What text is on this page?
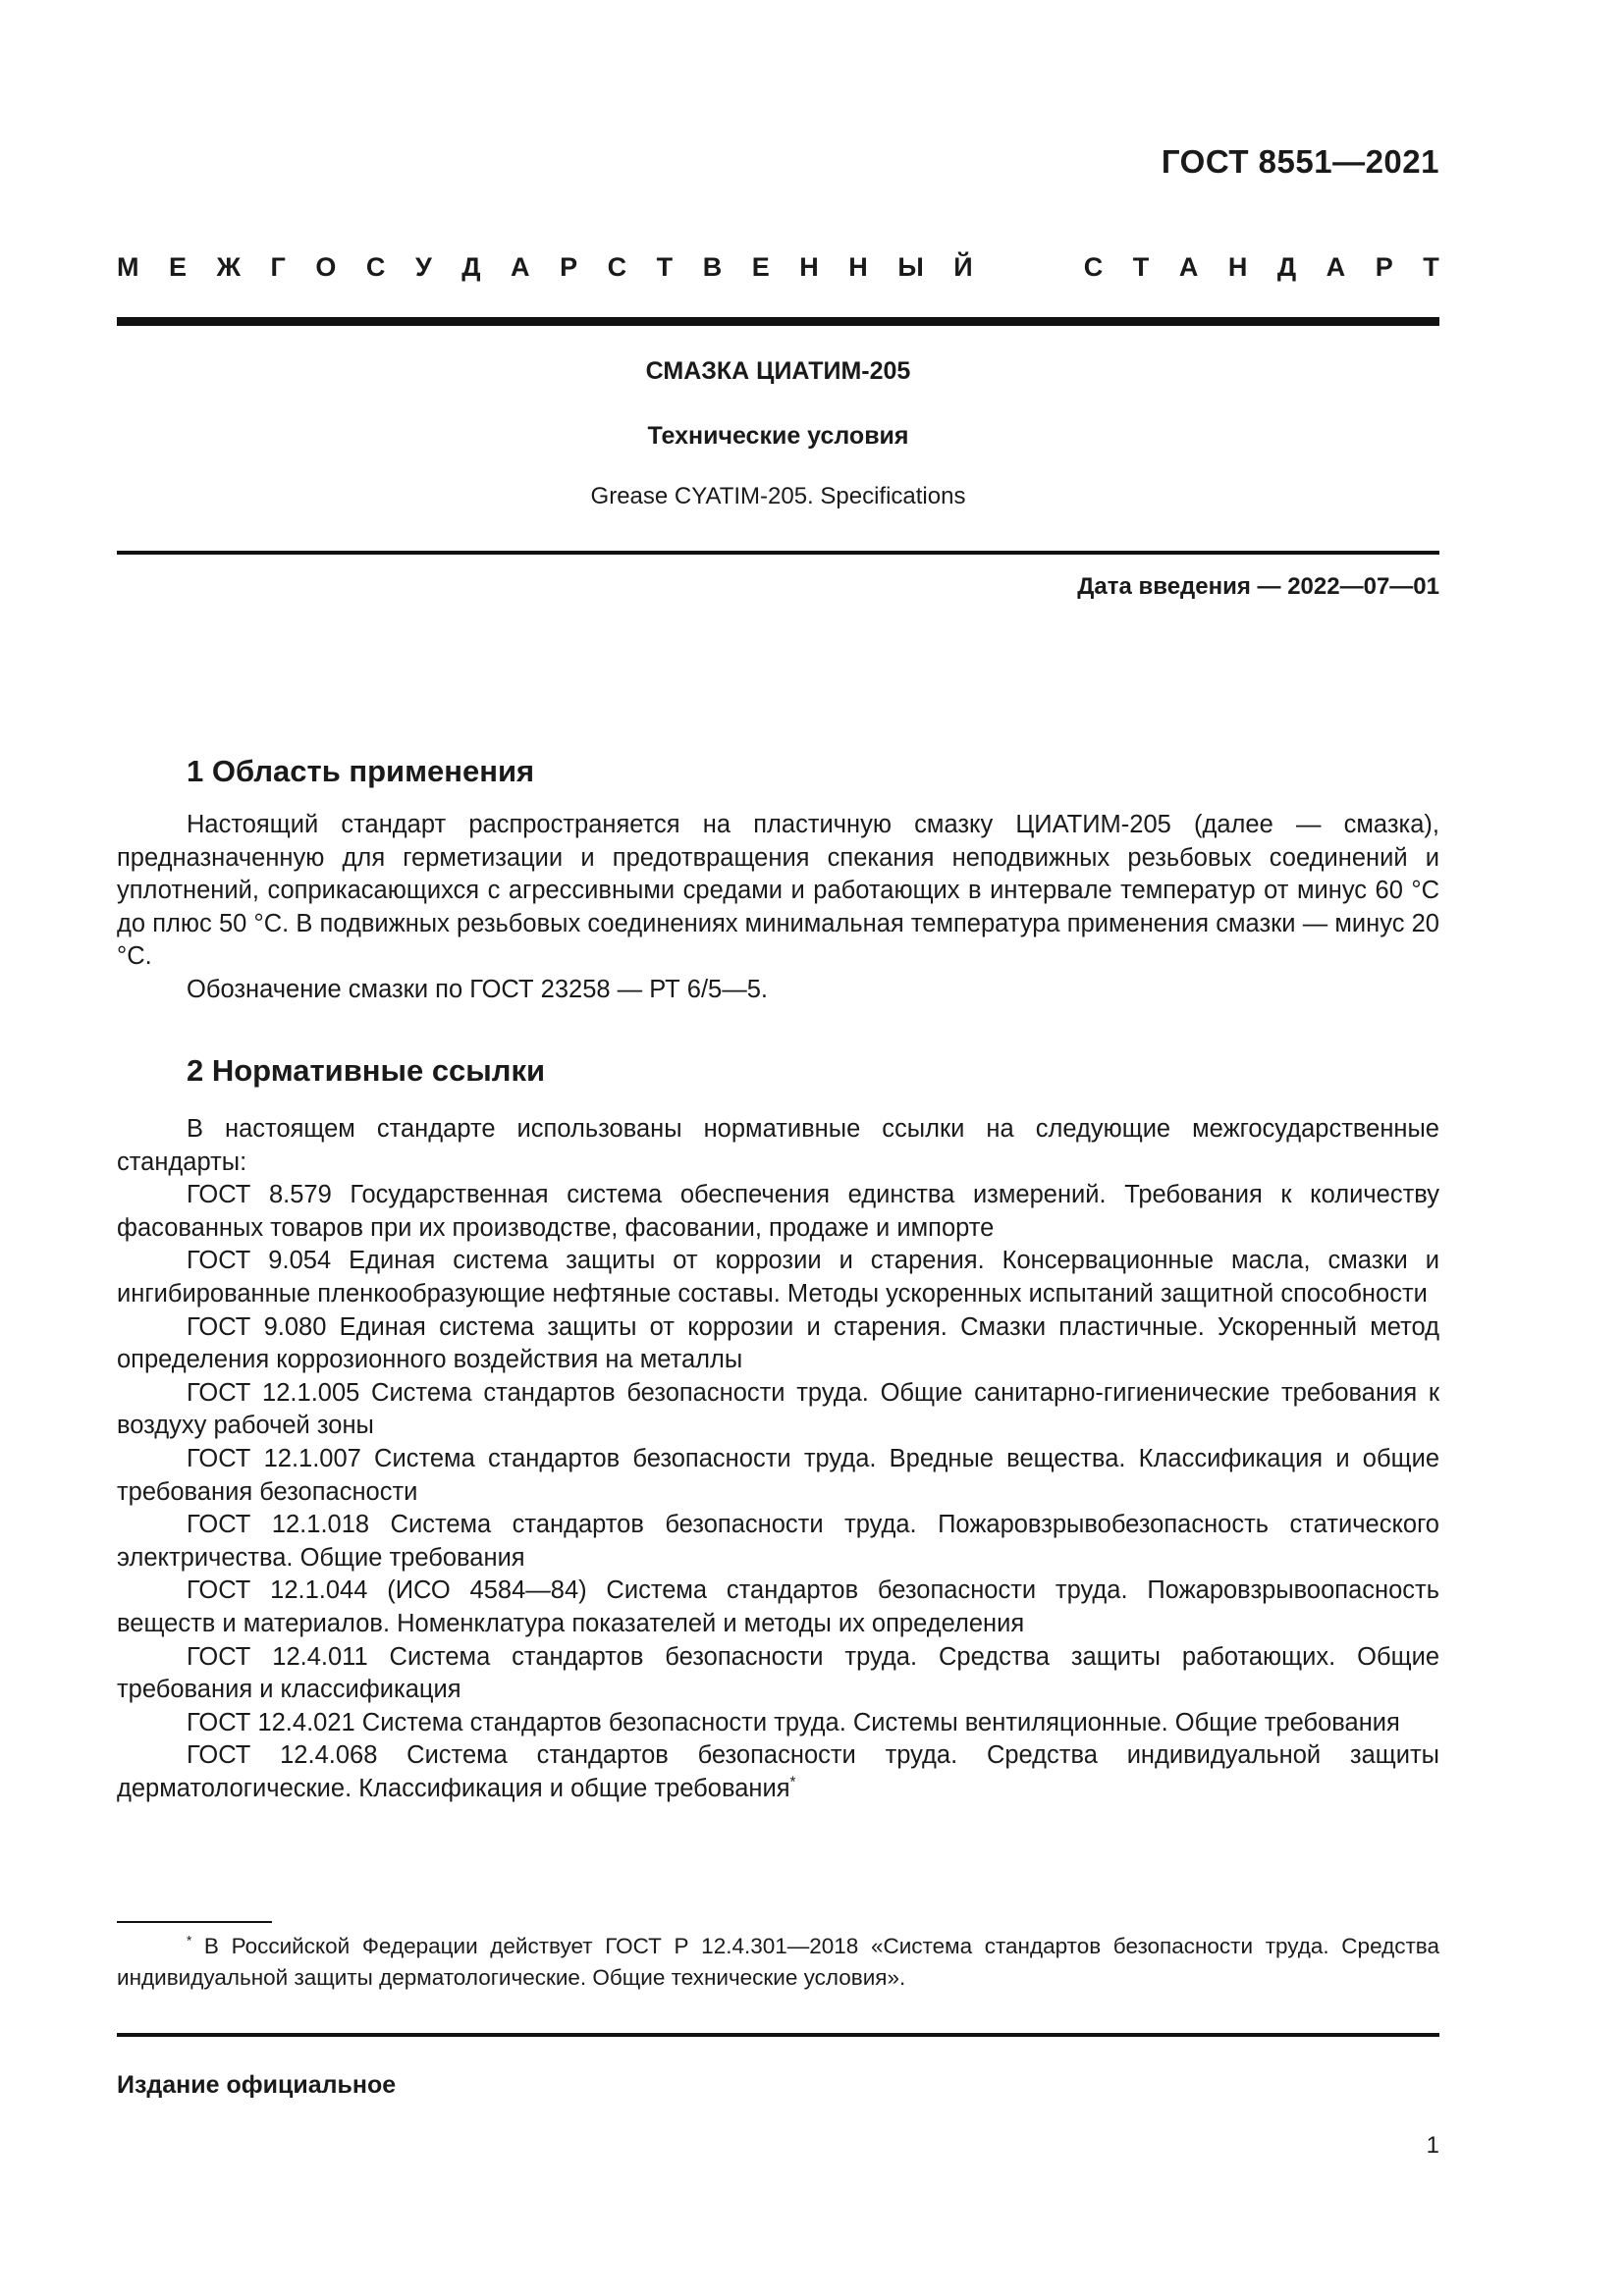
ГОСТ 8551—2021
М Е Ж Г О С У Д А Р С Т В Е Н Н Ы Й	С Т А Н Д А Р Т
СМАЗКА ЦИАТИМ-205
Технические условия
Grease CYATIM-205. Specifications
Дата введения — 2022—07—01
1 Область применения

Настоящий стандарт распространяется на пластичную смазку ЦИАТИМ-205 (далее — смазка), предназначенную для герметизации и предотвращения спекания неподвижных резьбовых соединений и уплотнений, соприкасающихся с агрессивными средами и работающих в интервале температур от минус 60 °С до плюс 50 °С. В подвижных резьбовых соединениях минимальная температура применения смазки — минус 20 °С.

Обозначение смазки по ГОСТ 23258 — РТ 6/5—5.

2 Нормативные ссылки

В настоящем стандарте использованы нормативные ссылки на следующие межгосударственные стандарты:

ГОСТ 8.579 Государственная система обеспечения единства измерений. Требования к количеству фасованных товаров при их производстве, фасовании, продаже и импорте

ГОСТ 9.054 Единая система защиты от коррозии и старения. Консервационные масла, смазки и ингибированные пленкообразующие нефтяные составы. Методы ускоренных испытаний защитной способности

ГОСТ 9.080 Единая система защиты от коррозии и старения. Смазки пластичные. Ускоренный метод определения коррозионного воздействия на металлы

ГОСТ 12.1.005 Система стандартов безопасности труда. Общие санитарно-гигиенические требования к воздуху рабочей зоны

ГОСТ 12.1.007 Система стандартов безопасности труда. Вредные вещества. Классификация и общие требования безопасности

ГОСТ 12.1.018 Система стандартов безопасности труда. Пожаровзрывобезопасность статического электричества. Общие требования

ГОСТ 12.1.044 (ИСО 4584—84) Система стандартов безопасности труда. Пожаровзрывоопасность веществ и материалов. Номенклатура показателей и методы их определения

ГОСТ 12.4.011 Система стандартов безопасности труда. Средства защиты работающих. Общие требования и классификация

ГОСТ 12.4.021 Система стандартов безопасности труда. Системы вентиляционные. Общие требования

ГОСТ 12.4.068 Система стандартов безопасности труда. Средства индивидуальной защиты дерматологические. Классификация и общие требования*

* В Российской Федерации действует ГОСТ Р 12.4.301—2018 «Система стандартов безопасности труда. Средства индивидуальной защиты дерматологические. Общие технические условия».

Издание официальное
1
